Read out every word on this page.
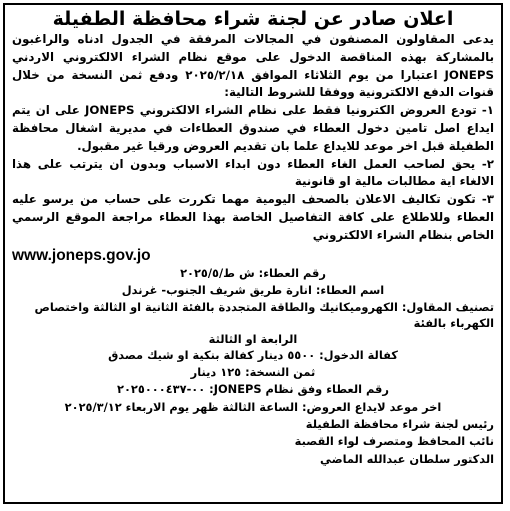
اعلان صادر عن لجنة شراء محافظة الطفيلة

يدعى المقاولون المصنفون في المجالات المرفقة في الجدول ادناه والراغبون بالمشاركة بهذه المناقصة الدخول على موقع نظام الشراء الالكتروني الاردني JONEPS اعتبارا من يوم الثلاثاء الموافق ٢٠٢٥/٢/١٨ ودفع ثمن النسخة من خلال قنوات الدفع الالكترونية ووفقا للشروط التالية:

١- تودع العروض الكترونيا فقط على نظام الشراء الالكتروني JONEPS على ان يتم ايداع اصل تامين دخول العطاء في صندوق العطاءات في مديرية اشغال محافظة الطفيلة قبل اخر موعد للايداع علما بان تقديم العروض ورقيا غير مقبول.

٢- يحق لصاحب العمل الغاء العطاء دون ابداء الاسباب وبدون ان يترتب على هذا الالغاء اية مطالبات مالية او قانونية

٣- تكون تكاليف الاعلان بالصحف اليومية مهما تكررت على حساب من يرسو عليه العطاء وللاطلاع على كافة التفاصيل الخاصة بهذا العطاء مراجعة الموقع الرسمي الخاص بنظام الشراء الالكتروني

www.joneps.gov.jo

رقم العطاء: ش ط/٢٠٢٥/٥

اسم العطاء: انارة طريق شريف الجنوب- غرندل

تصنيف المقاول: الكهروميكانيك والطاقة المتجددة بالفئة الثانية او الثالثة واختصاص الكهرباء بالفئة

الرابعة او الثالثة

كفالة الدخول: ٥٥٠٠ دينار كفالة بنكية او شيك مصدق

ثمن النسخة: ١٢٥ دينار

رقم العطاء وفق نظام JONEPS: ٠٠-٢٠٢٥٠٠٠٤٣٧

اخر موعد لايداع العروض: الساعة الثالثة ظهر يوم الاربعاء ٢٠٢٥/٣/١٢

رئيس لجنة شراء محافظة الطفيلة

نائب المحافظ ومتصرف لواء القصبة

الدكتور سلطان عبدالله الماضي
